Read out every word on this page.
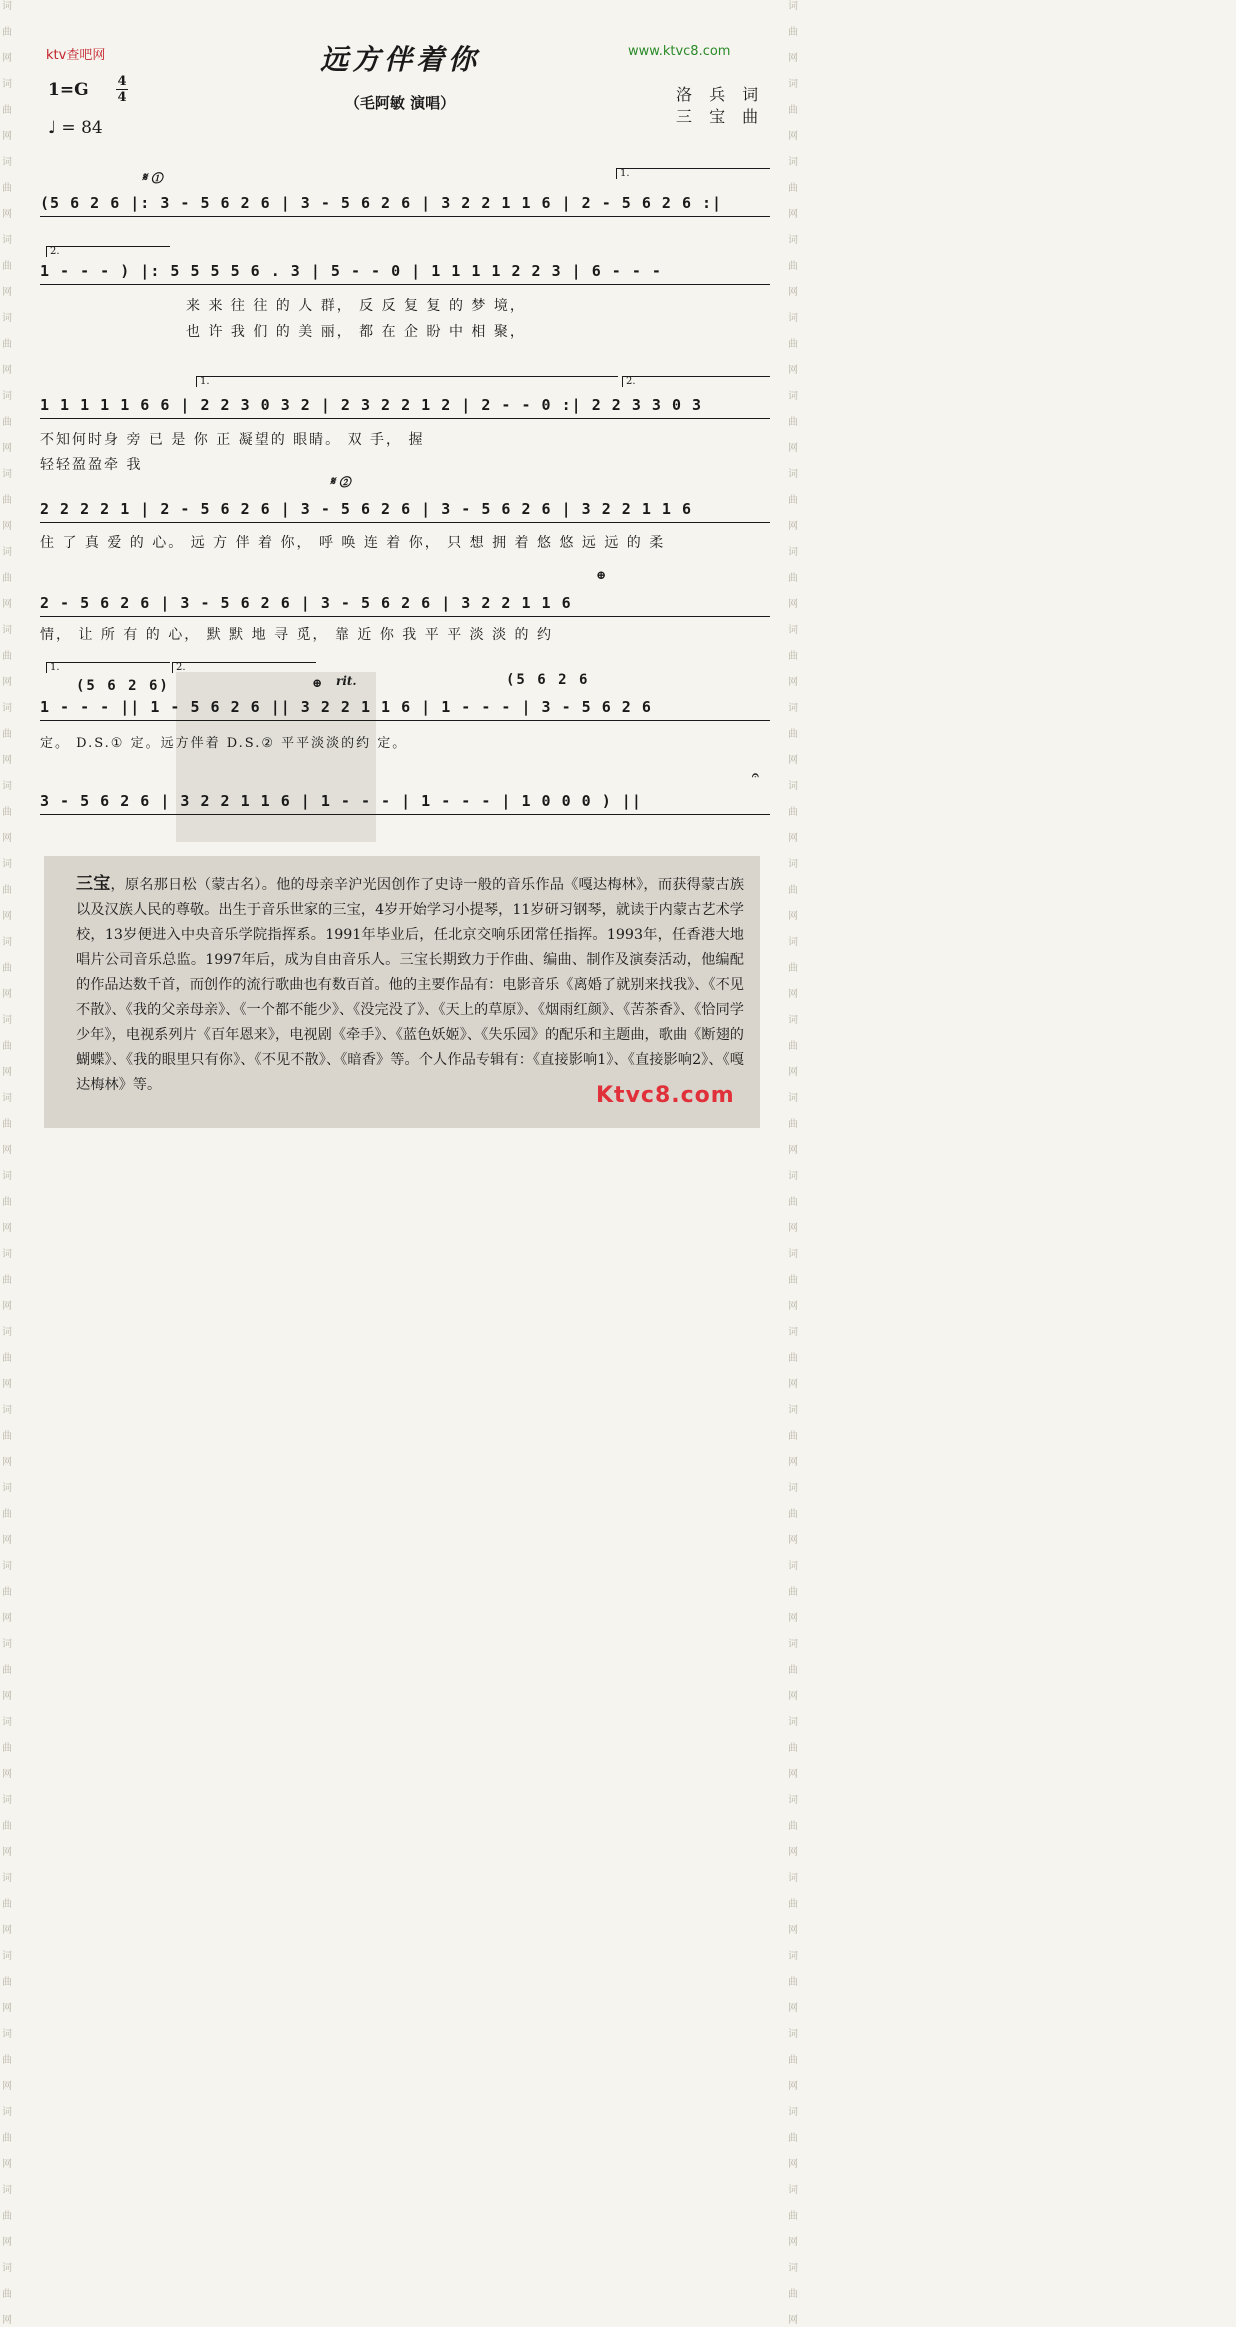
词
曲
网
词
曲
网
词
曲
网
词
曲
网
词
曲
网
词
曲
网
词
曲
网
词
曲
网
词
曲
网
词
曲
网
词
曲
网
词
曲
网
词
曲
网
词
曲
网
词
曲
网
词
曲
网
词
曲
网
词
曲
网
词
曲
网
词
曲
网
词
曲
网
词
曲
网
词
曲
网
词
曲
网
词
曲
网
词
曲
网
词
曲
网
词
曲
网
词
曲
网
词
曲
网
词
曲
网
词
曲
网
词
曲
网
词
曲
网
词
曲
网
词
曲
网
词
曲
网
词
曲
网
词
曲
网
词
曲
网
词
曲
网
词
曲
网
词
曲
网
词
曲
网
词
曲
网
词
曲
网
词
曲
网
词
曲
网
词
曲
网
词
曲
网
词
曲
网
词
曲
网
词
曲
网
词
曲
网
词
曲
网
词
曲
网
词
曲
网
词
曲
网
词
曲
网
词
曲
网
ktv查吧网	www.ktvc8.com
远方伴着你
（毛阿敏 演唱）
1=G 4
4
♩ = 84
洛 兵 词
三 宝 曲
1.
𝄋 ①
(5 6 2 6 |: 3 - 5 6 2 6 | 3 - 5 6 2 6 | 3 2 2 1 1 6 | 2 - 5 6 2 6 :|
2.
1 - - - ) |: 5 5 5 5 6 . 3 | 5 - - 0 | 1 1 1 1 2 2 3 | 6 - - -
来 来 往 往 的 人 群， 反 反 复 复 的 梦 境，
也 许 我 们 的 美 丽， 都 在 企 盼 中 相 聚，
1.	2.
1 1 1 1 1 6 6 | 2 2 3 0 3 2 | 2 3 2 2 1 2 | 2 - - 0 :| 2 2 3 3 0 3
不知何时身 旁 已 是 你 正 凝望的 眼睛。 双 手， 握
轻轻盈盈牵 我
𝄋 ②
2 2 2 2 1 | 2 - 5 6 2 6 | 3 - 5 6 2 6 | 3 - 5 6 2 6 | 3 2 2 1 1 6
住 了 真 爱 的 心。 远 方 伴 着 你， 呼 唤 连 着 你， 只 想 拥 着 悠 悠 远 远 的 柔
⊕
2 - 5 6 2 6 | 3 - 5 6 2 6 | 3 - 5 6 2 6 | 3 2 2 1 1 6
情， 让 所 有 的 心， 默 默 地 寻 觅， 靠 近 你 我 平 平 淡 淡 的 约
1.	2.
(5 6 2 6)	(5 6 2 6
⊕ rit.
1 - - - || 1 - 5 6 2 6 || 3 2 2 1 1 6 | 1 - - - | 3 - 5 6 2 6
定。 D.S.① 定。远方伴着 D.S.② 平平淡淡的约 定。
𝄐
3 - 5 6 2 6 | 3 2 2 1 1 6 | 1 - - - | 1 - - - | 1 0 0 0 ) ||
三宝，原名那日松（蒙古名）。他的母亲辛沪光因创作了史诗一般的音乐作品《嘎达梅林》，而获得蒙古族以及汉族人民的尊敬。出生于音乐世家的三宝，4岁开始学习小提琴，11岁研习钢琴，就读于内蒙古艺术学校，13岁便进入中央音乐学院指挥系。1991年毕业后，任北京交响乐团常任指挥。1993年，任香港大地唱片公司音乐总监。1997年后，成为自由音乐人。三宝长期致力于作曲、编曲、制作及演奏活动，他编配的作品达数千首，而创作的流行歌曲也有数百首。他的主要作品有：电影音乐《离婚了就别来找我》、《不见不散》、《我的父亲母亲》、《一个都不能少》、《没完没了》、《天上的草原》、《烟雨红颜》、《苦茶香》、《恰同学少年》，电视系列片《百年恩来》，电视剧《牵手》、《蓝色妖姬》、《失乐园》的配乐和主题曲，歌曲《断翅的蝴蝶》、《我的眼里只有你》、《不见不散》、《暗香》等。个人作品专辑有：《直接影响1》、《直接影响2》、《嘎达梅林》等。	Ktvc8.com
